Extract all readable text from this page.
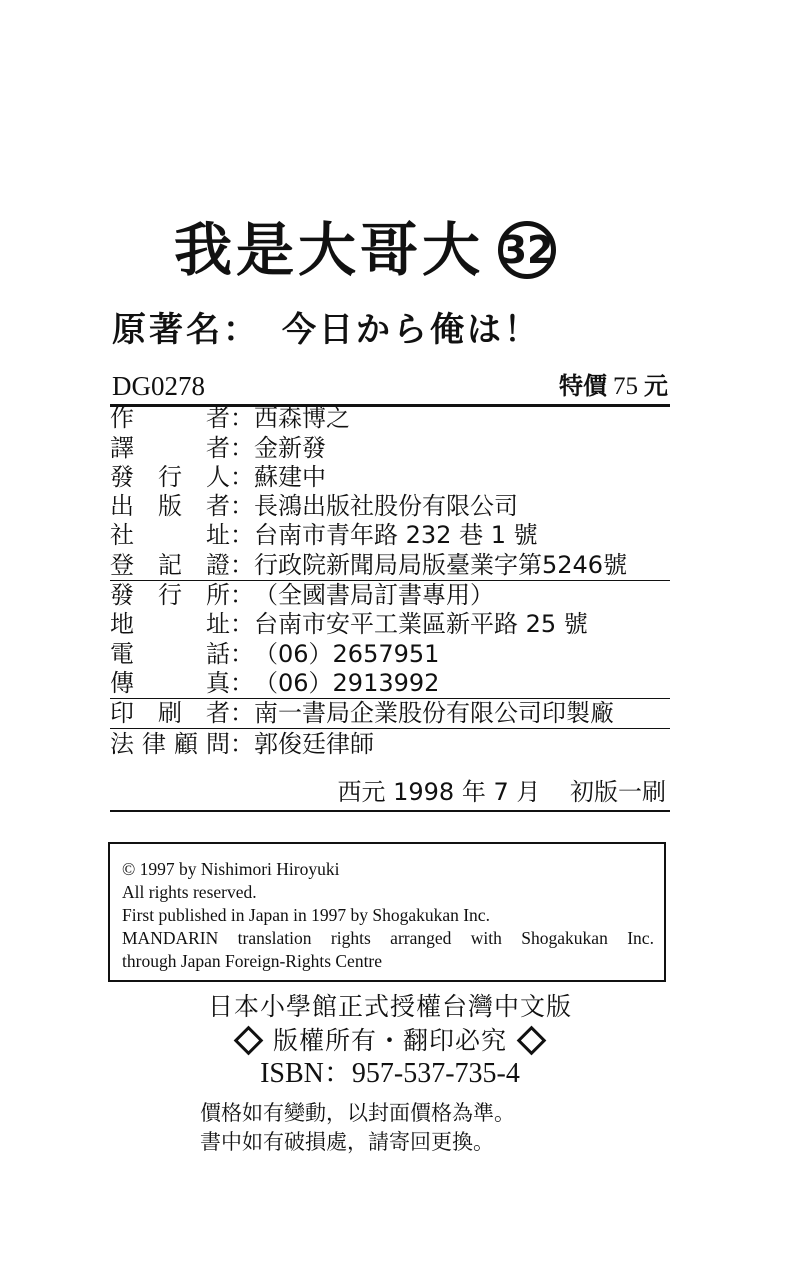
我是大哥大 32
原著名： 今日から俺は！
DG0278	特價 75 元
作	者 ： 西森博之
譯	者 ： 金新發
發 行 人 ： 蘇建中
出 版 者 ： 長鴻出版社股份有限公司
社	址 ： 台南市青年路 232 巷 1 號
登 記 證 ： 行政院新聞局局版臺業字第5246號
發 行 所 ： （全國書局訂書專用）
地	址 ： 台南市安平工業區新平路 25 號
電	話 ： （06）2657951
傳	真 ： （06）2913992
印 刷 者 ： 南一書局企業股份有限公司印製廠
法 律 顧 問 ： 郭俊廷律師
西元 1998 年 7 月 初版一刷
© 1997 by Nishimori Hiroyuki
All rights reserved.
First published in Japan in 1997 by Shogakukan Inc.
MANDARIN translation rights arranged with Shogakukan Inc.
through Japan Foreign-Rights Centre
日本小學館正式授權台灣中文版
版權所有・翻印必究
ISBN：957-537-735-4
價格如有變動，以封面價格為準。
書中如有破損處，請寄回更換。
